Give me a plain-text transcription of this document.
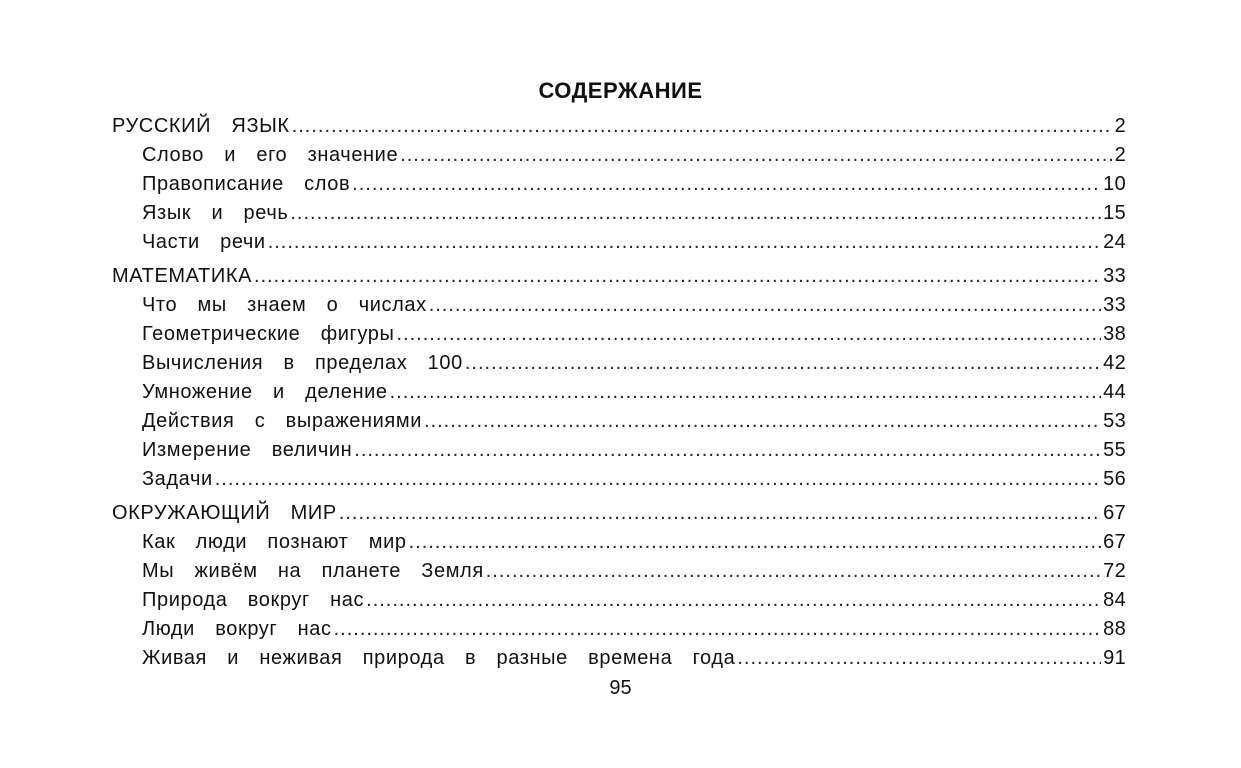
СОДЕРЖАНИЕ
РУССКИЙ  ЯЗЫК .....	2
Слово  и  его  значение .....	2
Правописание  слов .....	10
Язык  и  речь .....	15
Части  речи .....	24
МАТЕМАТИКА .....	33
Что  мы  знаем  о  числах .....	33
Геометрические  фигуры .....	38
Вычисления  в  пределах  100 .....	42
Умножение  и  деление .....	44
Действия  с  выражениями .....	53
Измерение  величин .....	55
Задачи .....	56
ОКРУЖАЮЩИЙ  МИР .....	67
Как  люди  познают  мир .....	67
Мы  живём  на  планете  Земля .....	72
Природа  вокруг  нас .....	84
Люди  вокруг  нас .....	88
Живая  и  неживая  природа  в  разные  времена  года .....	91
95
